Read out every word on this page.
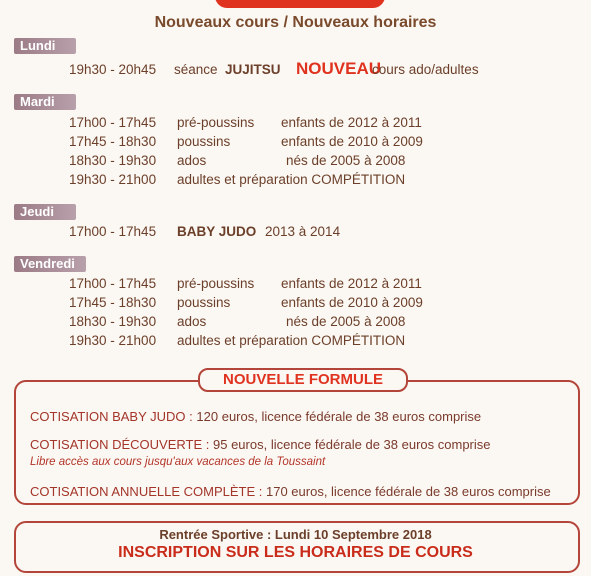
Nouveaux cours / Nouveaux horaires
Lundi
19h30 - 20h45 séance JUJITSU NOUVEAU
cours ado/adultes
Mardi
17h00 - 17h45 pré-poussins enfants de 2012 à 2011
17h45 - 18h30 poussins	enfants de 2010 à 2009
18h30 - 19h30 ados	nés de 2005 à 2008
19h30 - 21h00 adultes et préparation COMPÉTITION
Jeudi
17h00 - 17h45 BABY JUDO 2013 à 2014
Vendredi
17h00 - 17h45 pré-poussins enfants de 2012 à 2011
17h45 - 18h30 poussins	enfants de 2010 à 2009
18h30 - 19h30 ados	nés de 2005 à 2008
19h30 - 21h00 adultes et préparation COMPÉTITION
NOUVELLE FORMULE
COTISATION BABY JUDO : 120 euros, licence fédérale de 38 euros comprise
COTISATION DÉCOUVERTE : 95 euros, licence fédérale de 38 euros comprise
Libre accès aux cours jusqu'aux vacances de la Toussaint
COTISATION ANNUELLE COMPLÈTE : 170 euros, licence fédérale de 38 euros comprise
Rentrée Sportive : Lundi 10 Septembre 2018
INSCRIPTION SUR LES HORAIRES DE COURS
